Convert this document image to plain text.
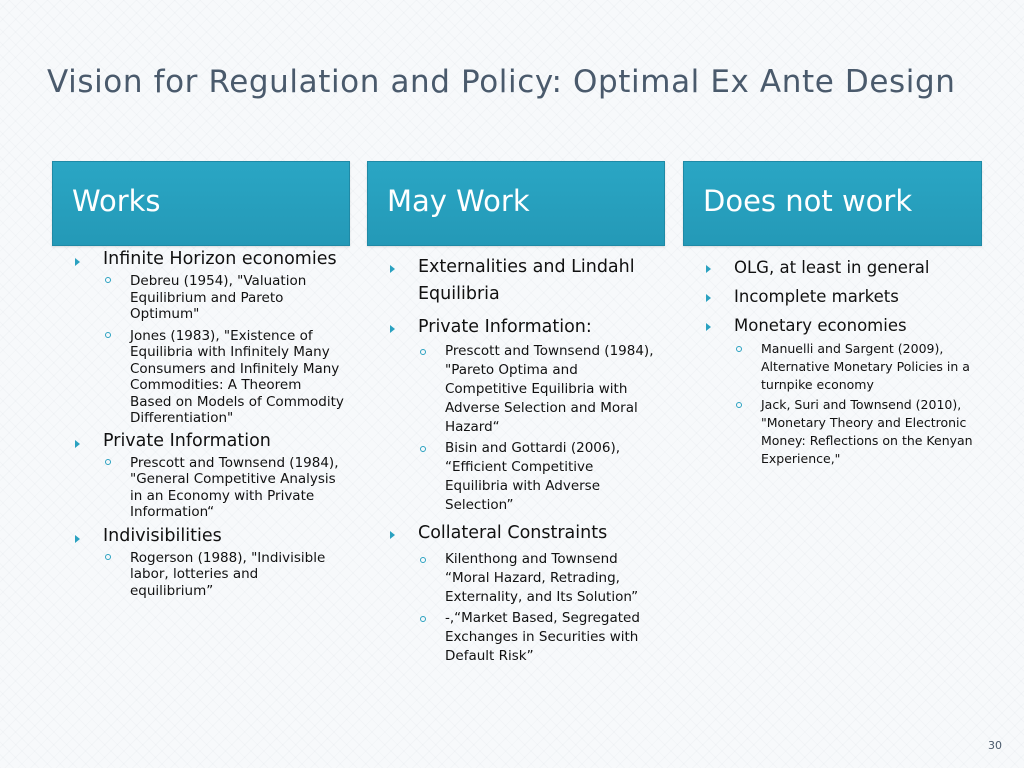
Vision for Regulation and Policy: Optimal Ex Ante Design
Works
Infinite Horizon economies
Debreu (1954), "Valuation Equilibrium and Pareto Optimum"
Jones (1983), "Existence of Equilibria with Infinitely Many Consumers and Infinitely Many Commodities: A Theorem Based on Models of Commodity Differentiation"
Private Information
Prescott and Townsend (1984), "General Competitive Analysis in an Economy with Private Information“
Indivisibilities
Rogerson (1988), "Indivisible labor, lotteries and equilibrium”
May Work
Externalities and Lindahl Equilibria
Private Information:
Prescott and Townsend (1984), "Pareto Optima and Competitive Equilibria with Adverse Selection and Moral Hazard“
Bisin and Gottardi (2006), “Efficient Competitive Equilibria with Adverse Selection”
Collateral Constraints
Kilenthong and Townsend “Moral Hazard, Retrading, Externality, and Its Solution”
-,“Market Based, Segregated Exchanges in Securities with Default Risk”
Does not work
OLG, at least in general
Incomplete markets
Monetary economies
Manuelli and Sargent (2009), Alternative Monetary Policies in a turnpike economy
Jack, Suri and Townsend (2010), "Monetary Theory and Electronic Money: Reflections on the Kenyan Experience,"
30
